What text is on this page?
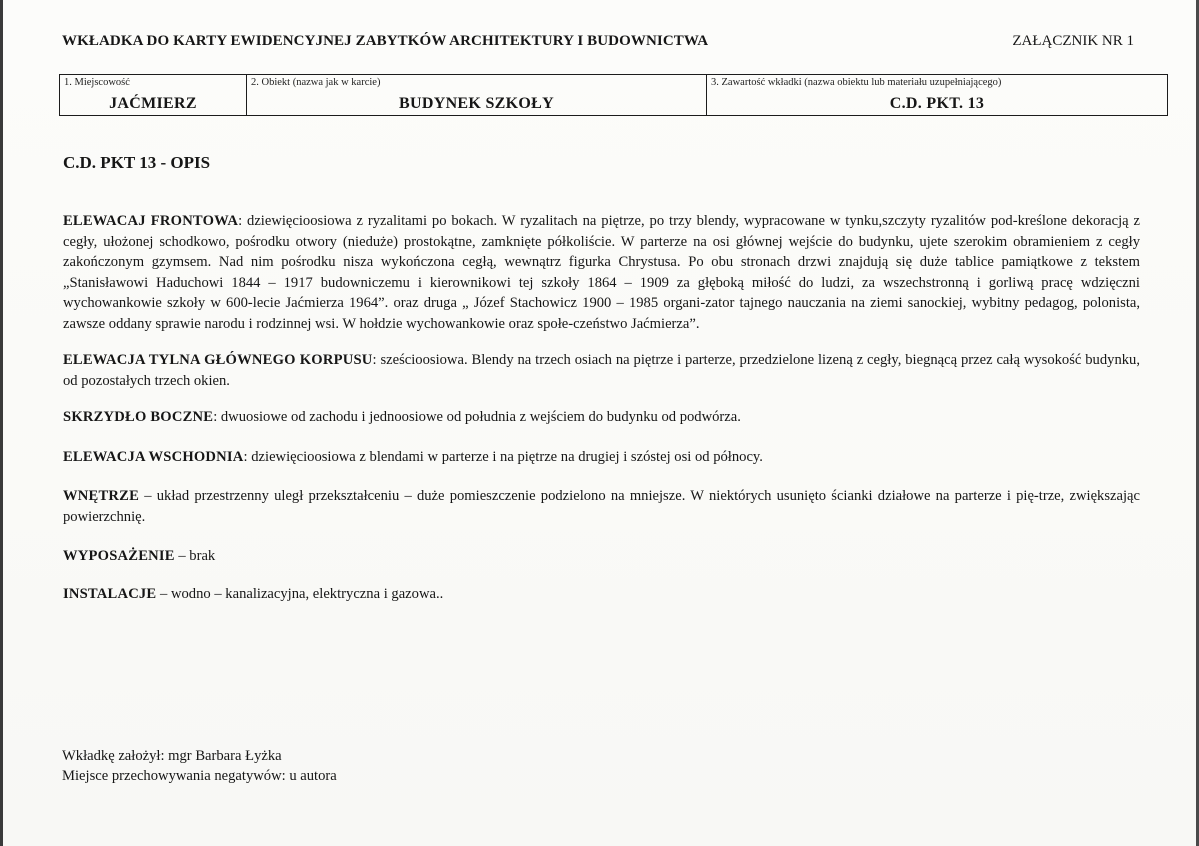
WKŁADKA DO KARTY EWIDENCYJNEJ ZABYTKÓW ARCHITEKTURY I BUDOWNICTWA	ZAŁĄCZNIK NR 1
1. Miejscowość
JAĆMIERZ
2. Obiekt (nazwa jak w karcie)
BUDYNEK SZKOŁY
3. Zawartość wkładki (nazwa obiektu lub materiału uzupełniającego)
C.D. PKT. 13
C.D. PKT 13 - OPIS

ELEWACAJ FRONTOWA: dziewięcioosiowa z ryzalitami po bokach. W ryzalitach na piętrze, po trzy blendy, wypracowane w tynku,szczyty ryzalitów pod-kreślone dekoracją z cegły, ułożonej schodkowo, pośrodku otwory (nieduże) prostokątne, zamknięte półkoliście. W parterze na osi głównej wejście do budynku, ujete szerokim obramieniem z cegły zakończonym gzymsem. Nad nim pośrodku nisza wykończona cegłą, wewnątrz figurka Chrystusa. Po obu stronach drzwi znajdują się duże tablice pamiątkowe z tekstem „Stanisławowi Haduchowi 1844 – 1917 budowniczemu i kierownikowi tej szkoły 1864 – 1909 za głęboką miłość do ludzi, za wszechstronną i gorliwą pracę wdzięczni wychowankowie szkoły w 600-lecie Jaćmierza 1964”. oraz druga „ Józef Stachowicz 1900 – 1985 organi-zator tajnego nauczania na ziemi sanockiej, wybitny pedagog, polonista, zawsze oddany sprawie narodu i rodzinnej wsi. W hołdzie wychowankowie oraz społe-czeństwo Jaćmierza”.

ELEWACJA TYLNA GŁÓWNEGO KORPUSU: sześcioosiowa. Blendy na trzech osiach na piętrze i parterze, przedzielone lizeną z cegły, biegnącą przez całą wysokość budynku, od pozostałych trzech okien.

SKRZYDŁO BOCZNE: dwuosiowe od zachodu i jednoosiowe od południa z wejściem do budynku od podwórza.

ELEWACJA WSCHODNIA: dziewięcioosiowa z blendami w parterze i na piętrze na drugiej i szóstej osi od północy.

WNĘTRZE – układ przestrzenny uległ przekształceniu – duże pomieszczenie podzielono na mniejsze. W niektórych usunięto ścianki działowe na parterze i pię-trze, zwiększając powierzchnię.

WYPOSAŻENIE – brak

INSTALACJE – wodno – kanalizacyjna, elektryczna i gazowa..

Wkładkę założył: mgr Barbara Łyżka
Miejsce przechowywania negatywów: u autora
